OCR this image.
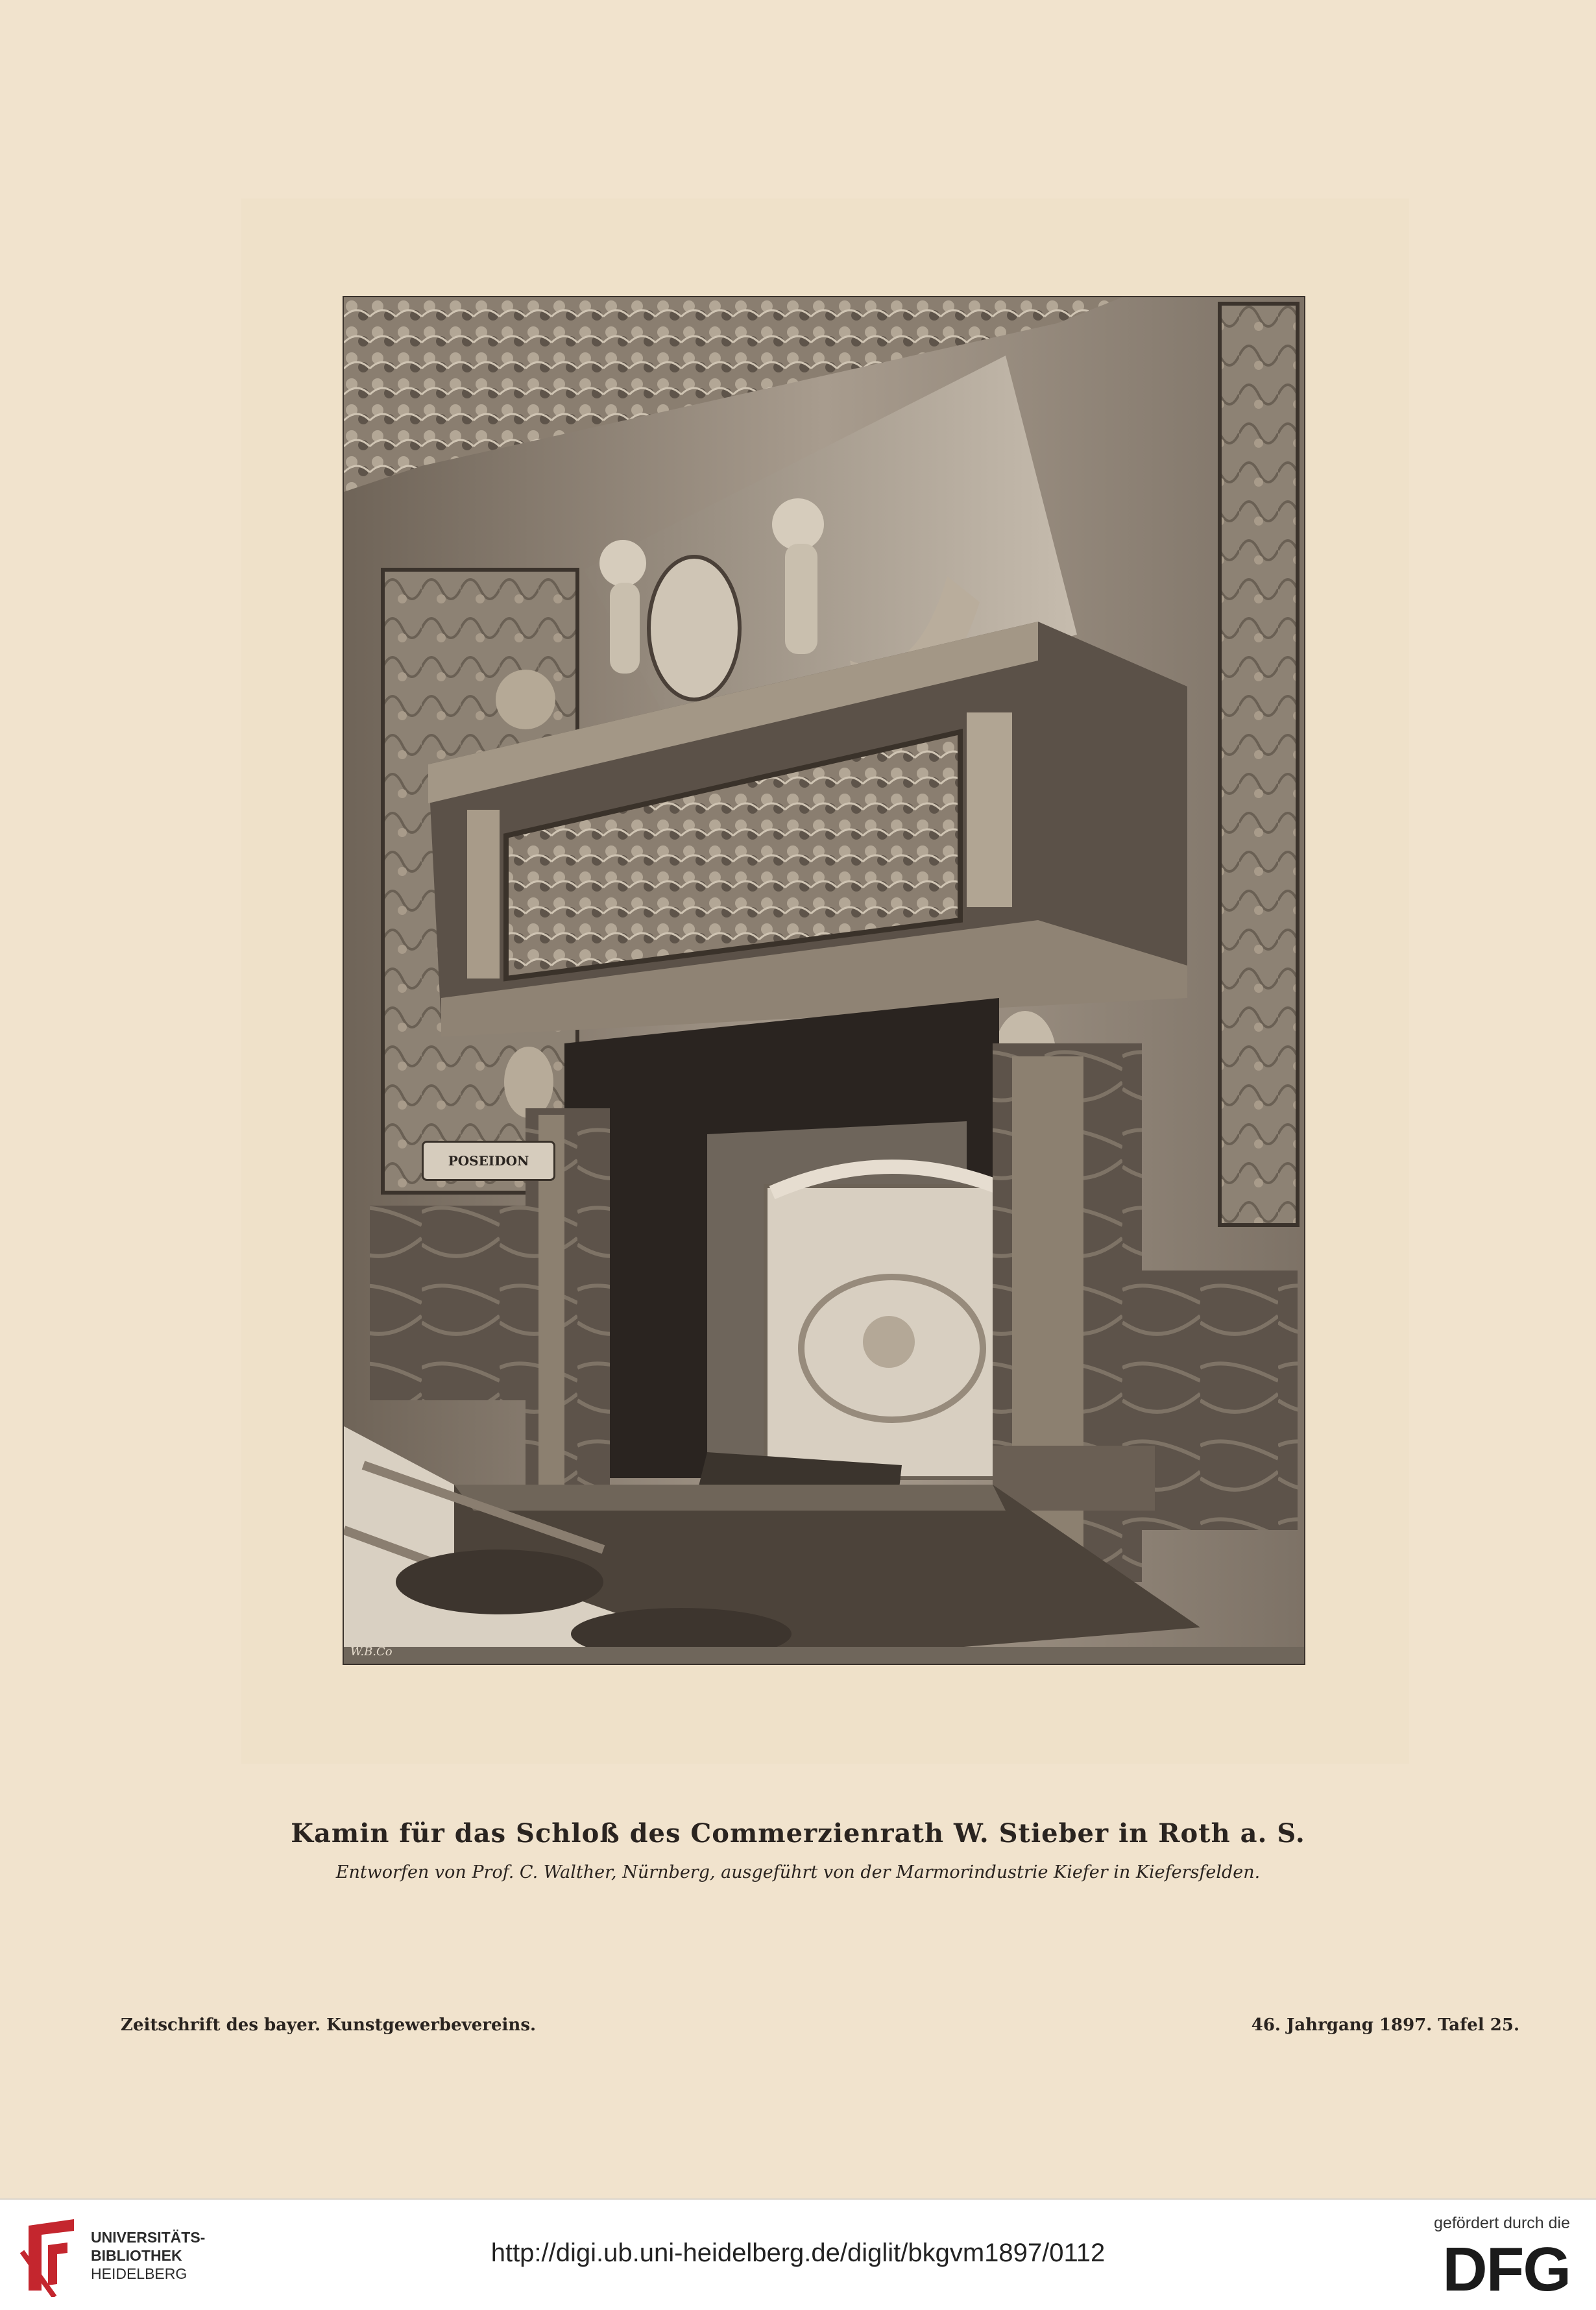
POSEIDON
W.B.Co
Kamin für das Schloß des Commerzienrath W. Stieber in Roth a. S.
Entworfen von Prof. C. Walther, Nürnberg, ausgeführt von der Marmorindustrie Kiefer in Kiefersfelden.
Zeitschrift des bayer. Kunstgewerbevereins.	46. Jahrgang 1897. Tafel 25.
UNIVERSITÄTS-
BIBLIOTHEK
HEIDELBERG
http://digi.ub.uni-heidelberg.de/diglit/bkgvm1897/0112
gefördert durch die
DFG
